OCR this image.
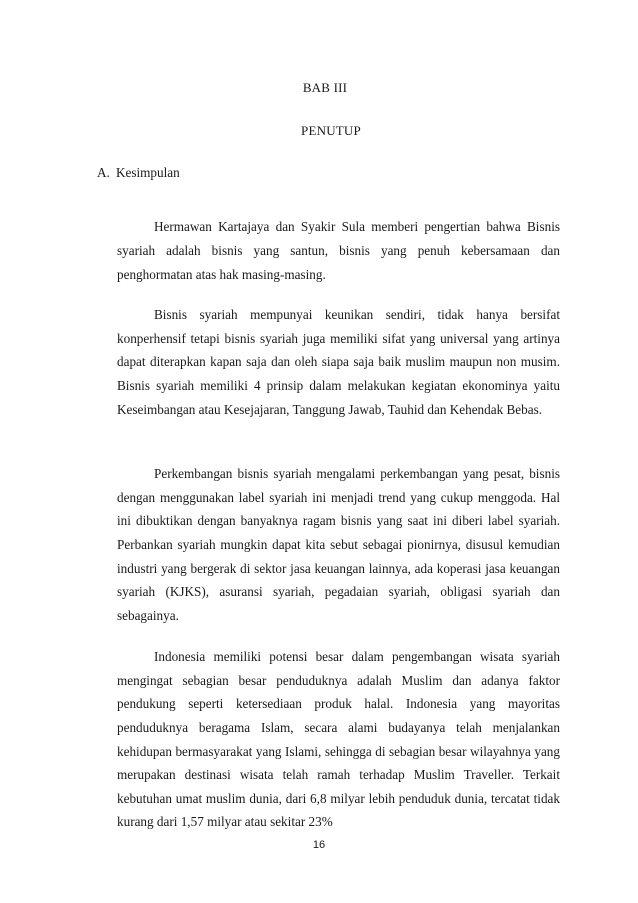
BAB III
PENUTUP
A. Kesimpulan

Hermawan Kartajaya dan Syakir Sula memberi pengertian bahwa Bisnis syariah adalah bisnis yang santun, bisnis yang penuh kebersamaan dan penghormatan atas hak masing-masing.

Bisnis syariah mempunyai keunikan sendiri, tidak hanya bersifat konperhensif tetapi bisnis syariah juga memiliki sifat yang universal yang artinya dapat diterapkan kapan saja dan oleh siapa saja baik muslim maupun non musim. Bisnis syariah memiliki 4 prinsip dalam melakukan kegiatan ekonominya yaitu Keseimbangan atau Kesejajaran, Tanggung Jawab, Tauhid dan Kehendak Bebas.

Perkembangan bisnis syariah mengalami perkembangan yang pesat, bisnis dengan menggunakan label syariah ini menjadi trend yang cukup menggoda. Hal ini dibuktikan dengan banyaknya ragam bisnis yang saat ini diberi label syariah. Perbankan syariah mungkin dapat kita sebut sebagai pionirnya, disusul kemudian industri yang bergerak di sektor jasa keuangan lainnya, ada koperasi jasa keuangan syariah (KJKS), asuransi syariah, pegadaian syariah, obligasi syariah dan sebagainya.

Indonesia memiliki potensi besar dalam pengembangan wisata syariah mengingat sebagian besar penduduknya adalah Muslim dan adanya faktor pendukung seperti ketersediaan produk halal. Indonesia yang mayoritas penduduknya beragama Islam, secara alami budayanya telah menjalankan kehidupan bermasyarakat yang Islami, sehingga di sebagian besar wilayahnya yang merupakan destinasi wisata telah ramah terhadap Muslim Traveller. Terkait kebutuhan umat muslim dunia, dari 6,8 milyar lebih penduduk dunia, tercatat tidak kurang dari 1,57 milyar atau sekitar 23%

16
